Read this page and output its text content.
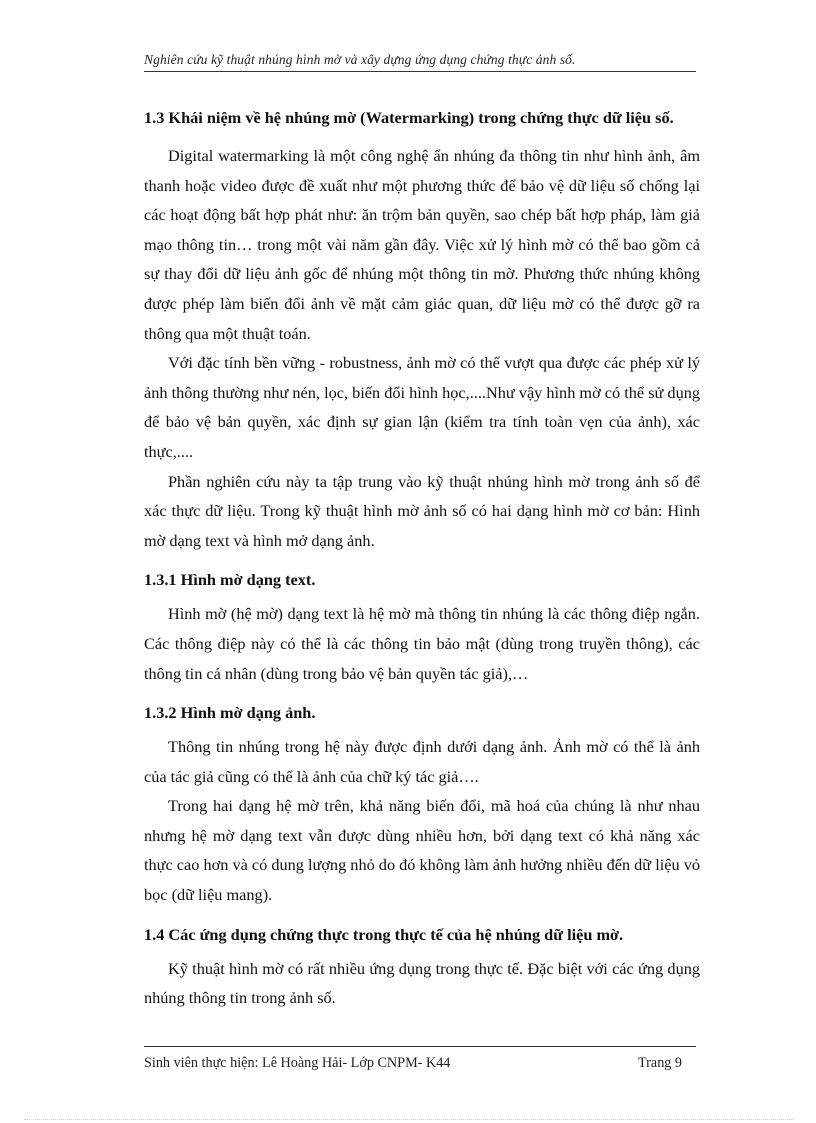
Nghiên cứu kỹ thuật nhúng hình mờ và xây dựng ứng dụng chứng thực ảnh số.

1.3 Khái niệm về hệ nhúng mờ (Watermarking) trong chứng thực dữ liệu số.

Digital watermarking là một công nghệ ẩn nhúng đa thông tin như hình ảnh, âm thanh hoặc video được đề xuất như một phương thức để bảo vệ dữ liệu số chống lại các hoạt động bất hợp phát như: ăn trộm bản quyền, sao chép bất hợp pháp, làm giả mạo thông tin… trong một vài năm gần đây. Việc xử lý hình mờ có thể bao gồm cả sự thay đổi dữ liệu ảnh gốc để nhúng một thông tin mờ. Phương thức nhúng không được phép làm biến đổi ảnh về mặt cảm giác quan, dữ liệu mờ có thể được gỡ ra thông qua một thuật toán.

Với đặc tính bền vững - robustness, ảnh mờ có thể vượt qua được các phép xử lý ảnh thông thường như nén, lọc, biến đổi hình học,....Như vậy hình mờ có thể sử dụng để bảo vệ bản quyền, xác định sự gian lận (kiểm tra tính toàn vẹn của ảnh), xác thực,....

Phần nghiên cứu này ta tập trung vào kỹ thuật nhúng hình mờ trong ảnh số để xác thực dữ liệu. Trong kỹ thuật hình mờ ảnh số có hai dạng hình mờ cơ bản: Hình mờ dạng text và hình mở dạng ảnh.

1.3.1 Hình mờ dạng text.

Hình mờ (hệ mờ) dạng text là hệ mờ mà thông tin nhúng là các thông điệp ngắn. Các thông điệp này có thể là các thông tin bảo mật (dùng trong truyền thông), các thông tin cá nhân (dùng trong bảo vệ bản quyền tác giả),…

1.3.2 Hình mờ dạng ảnh.

Thông tin nhúng trong hệ này được định dưới dạng ảnh. Ảnh mờ có thể là ảnh của tác giả cũng có thể là ảnh của chữ ký tác giả….

Trong hai dạng hệ mờ trên, khả năng biến đổi, mã hoá của chúng là như nhau nhưng hệ mờ dạng text vẫn được dùng nhiều hơn, bởi dạng text có khả năng xác thực cao hơn và có dung lượng nhỏ do đó không làm ảnh hưởng nhiều đến dữ liệu vỏ bọc (dữ liệu mang).

1.4 Các ứng dụng chứng thực trong thực tế của hệ nhúng dữ liệu mờ.

Kỹ thuật hình mờ có rất nhiều ứng dụng trong thực tế. Đặc biệt với các ứng dụng nhúng thông tin trong ảnh số.

Sinh viên thực hiện: Lê Hoàng Hải- Lớp CNPM- K44	Trang 9
